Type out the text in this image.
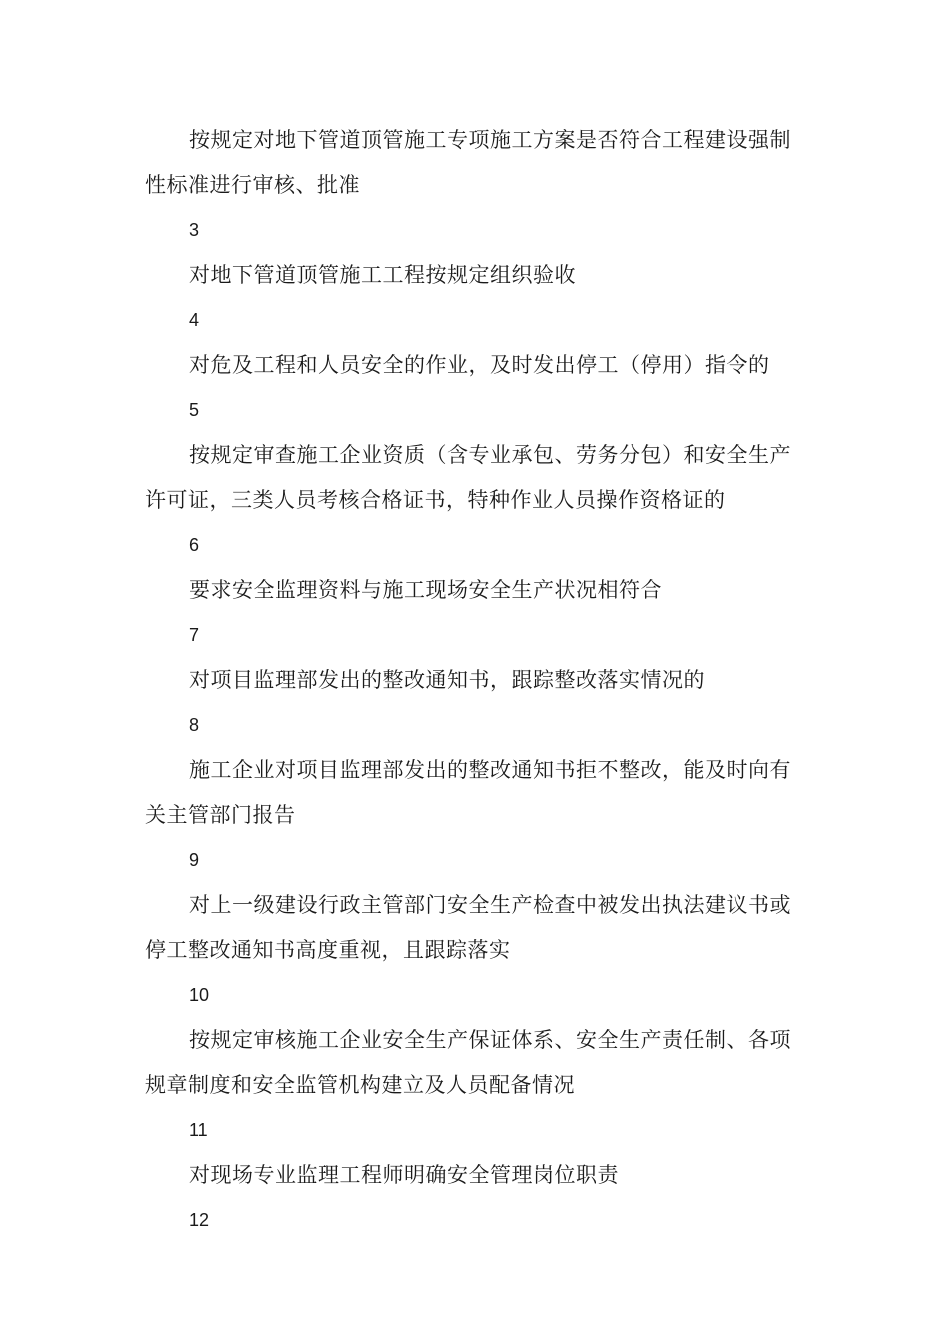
按规定对地下管道顶管施工专项施工方案是否符合工程建设强制性标准进行审核、批准

3

对地下管道顶管施工工程按规定组织验收

4

对危及工程和人员安全的作业，及时发出停工（停用）指令的

5

按规定审查施工企业资质（含专业承包、劳务分包）和安全生产许可证，三类人员考核合格证书，特种作业人员操作资格证的

6

要求安全监理资料与施工现场安全生产状况相符合

7

对项目监理部发出的整改通知书，跟踪整改落实情况的

8

施工企业对项目监理部发出的整改通知书拒不整改，能及时向有关主管部门报告

9

对上一级建设行政主管部门安全生产检查中被发出执法建议书或停工整改通知书高度重视，且跟踪落实

10

按规定审核施工企业安全生产保证体系、安全生产责任制、各项规章制度和安全监管机构建立及人员配备情况

11

对现场专业监理工程师明确安全管理岗位职责

12
